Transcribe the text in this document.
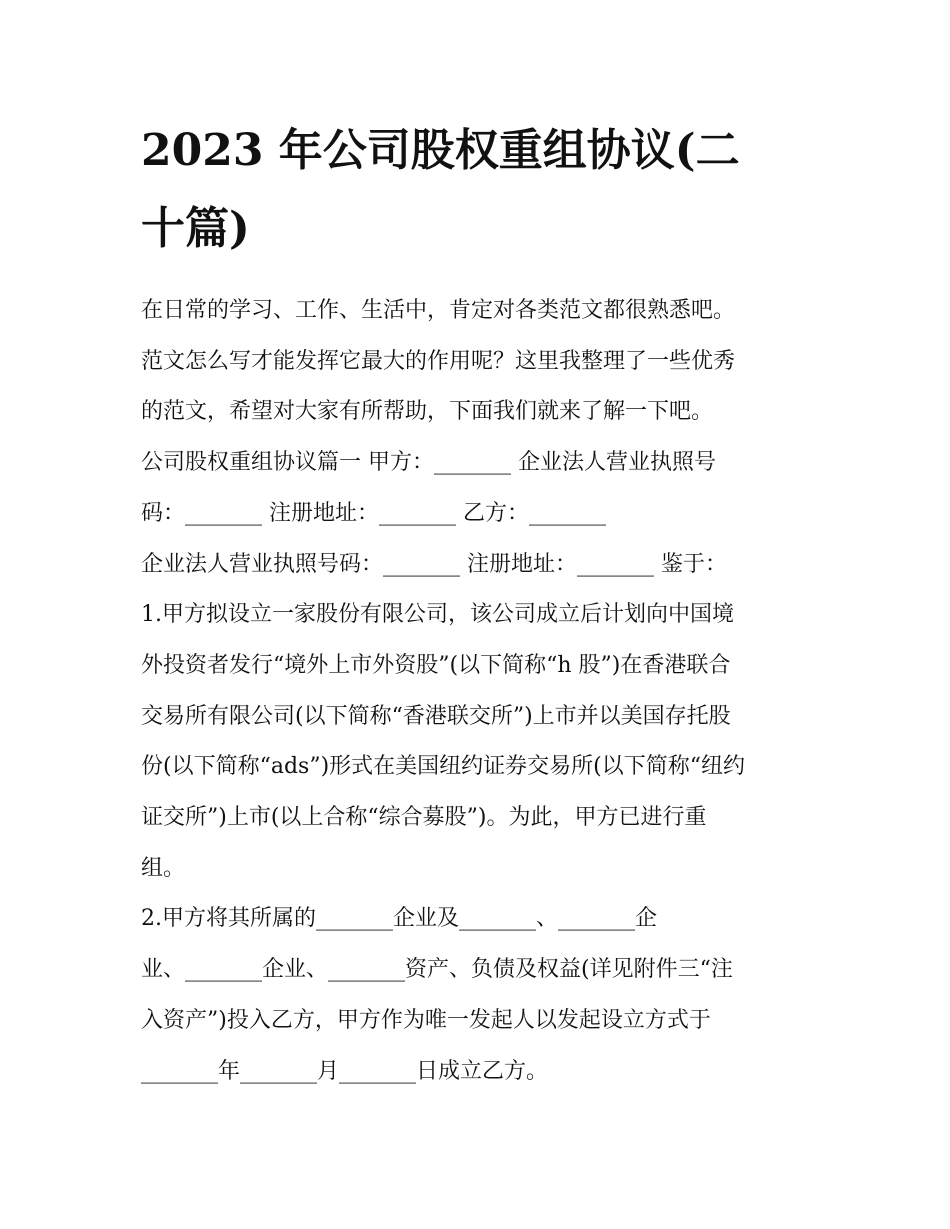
2023 年公司股权重组协议(二
十篇)
在日常的学习、工作、生活中，肯定对各类范文都很熟悉吧。
范文怎么写才能发挥它最大的作用呢？这里我整理了一些优秀
的范文，希望对大家有所帮助，下面我们就来了解一下吧。
公司股权重组协议篇一 甲方：_______ 企业法人营业执照号
码：_______ 注册地址：_______ 乙方：_______
企业法人营业执照号码：_______ 注册地址：_______ 鉴于：
1.甲方拟设立一家股份有限公司，该公司成立后计划向中国境
外投资者发行“境外上市外资股”(以下简称“h 股”)在香港联合
交易所有限公司(以下简称“香港联交所”)上市并以美国存托股
份(以下简称“ads”)形式在美国纽约证券交易所(以下简称“纽约
证交所”)上市(以上合称“综合募股”)。为此，甲方已进行重
组。
2.甲方将其所属的_______企业及_______、_______企
业、_______企业、_______资产、负债及权益(详见附件三“注
入资产”)投入乙方，甲方作为唯一发起人以发起设立方式于
_______年_______月_______日成立乙方。
